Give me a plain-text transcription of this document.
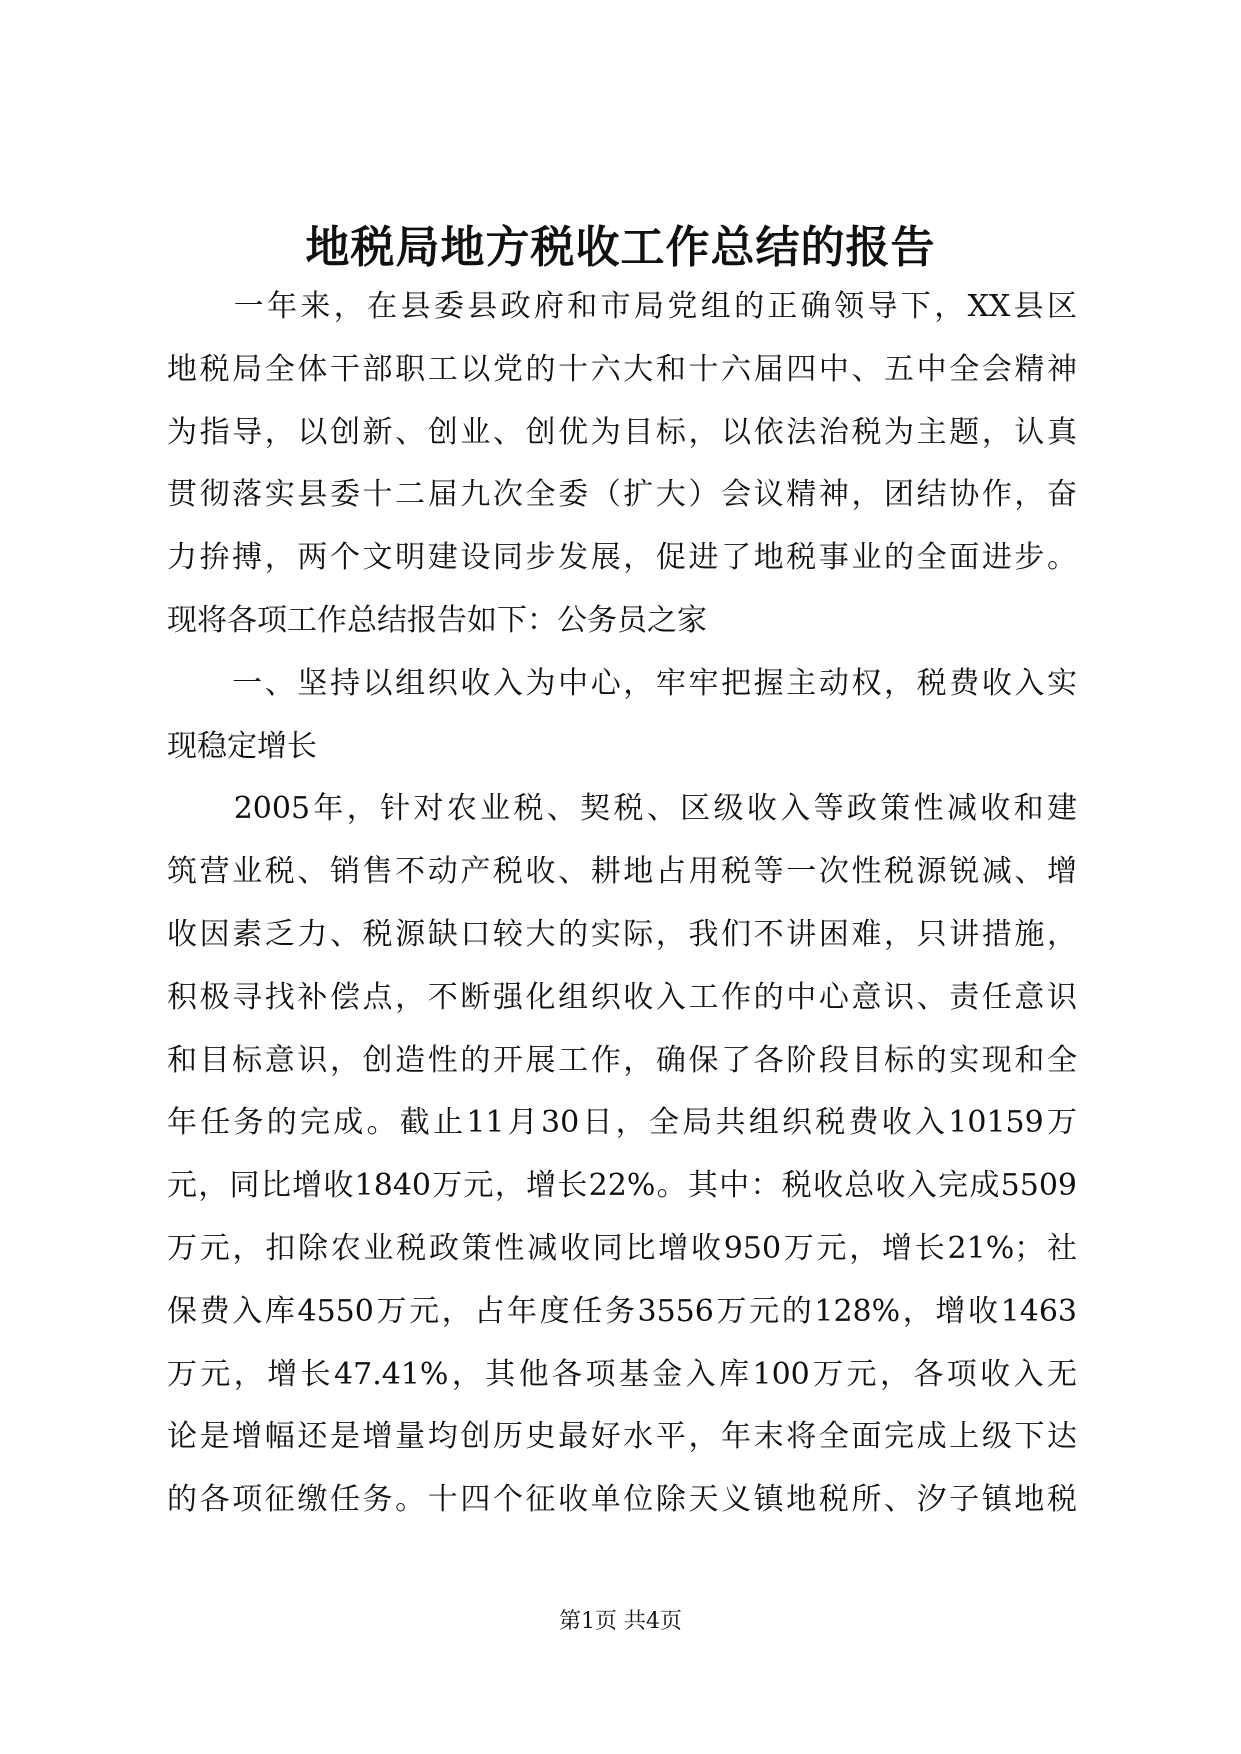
地税局地方税收工作总结的报告
　　一年来，在县委县政府和市局党组的正确领导下，XX县区
地税局全体干部职工以党的十六大和十六届四中、五中全会精神
为指导，以创新、创业、创优为目标，以依法治税为主题，认真
贯彻落实县委十二届九次全委（扩大）会议精神，团结协作，奋
力拚搏，两个文明建设同步发展，促进了地税事业的全面进步。
现将各项工作总结报告如下：公务员之家
　　一、坚持以组织收入为中心，牢牢把握主动权，税费收入实
现稳定增长
　　2005年，针对农业税、契税、区级收入等政策性减收和建
筑营业税、销售不动产税收、耕地占用税等一次性税源锐减、增
收因素乏力、税源缺口较大的实际，我们不讲困难，只讲措施，
积极寻找补偿点，不断强化组织收入工作的中心意识、责任意识
和目标意识，创造性的开展工作，确保了各阶段目标的实现和全
年任务的完成。截止11月30日，全局共组织税费收入10159万
元，同比增收1840万元，增长22%。其中：税收总收入完成5509
万元，扣除农业税政策性减收同比增收950万元，增长21%；社
保费入库4550万元，占年度任务3556万元的128%，增收1463
万元，增长47.41%，其他各项基金入库100万元，各项收入无
论是增幅还是增量均创历史最好水平，年末将全面完成上级下达
的各项征缴任务。十四个征收单位除天义镇地税所、汐子镇地税
第1页 共4页
